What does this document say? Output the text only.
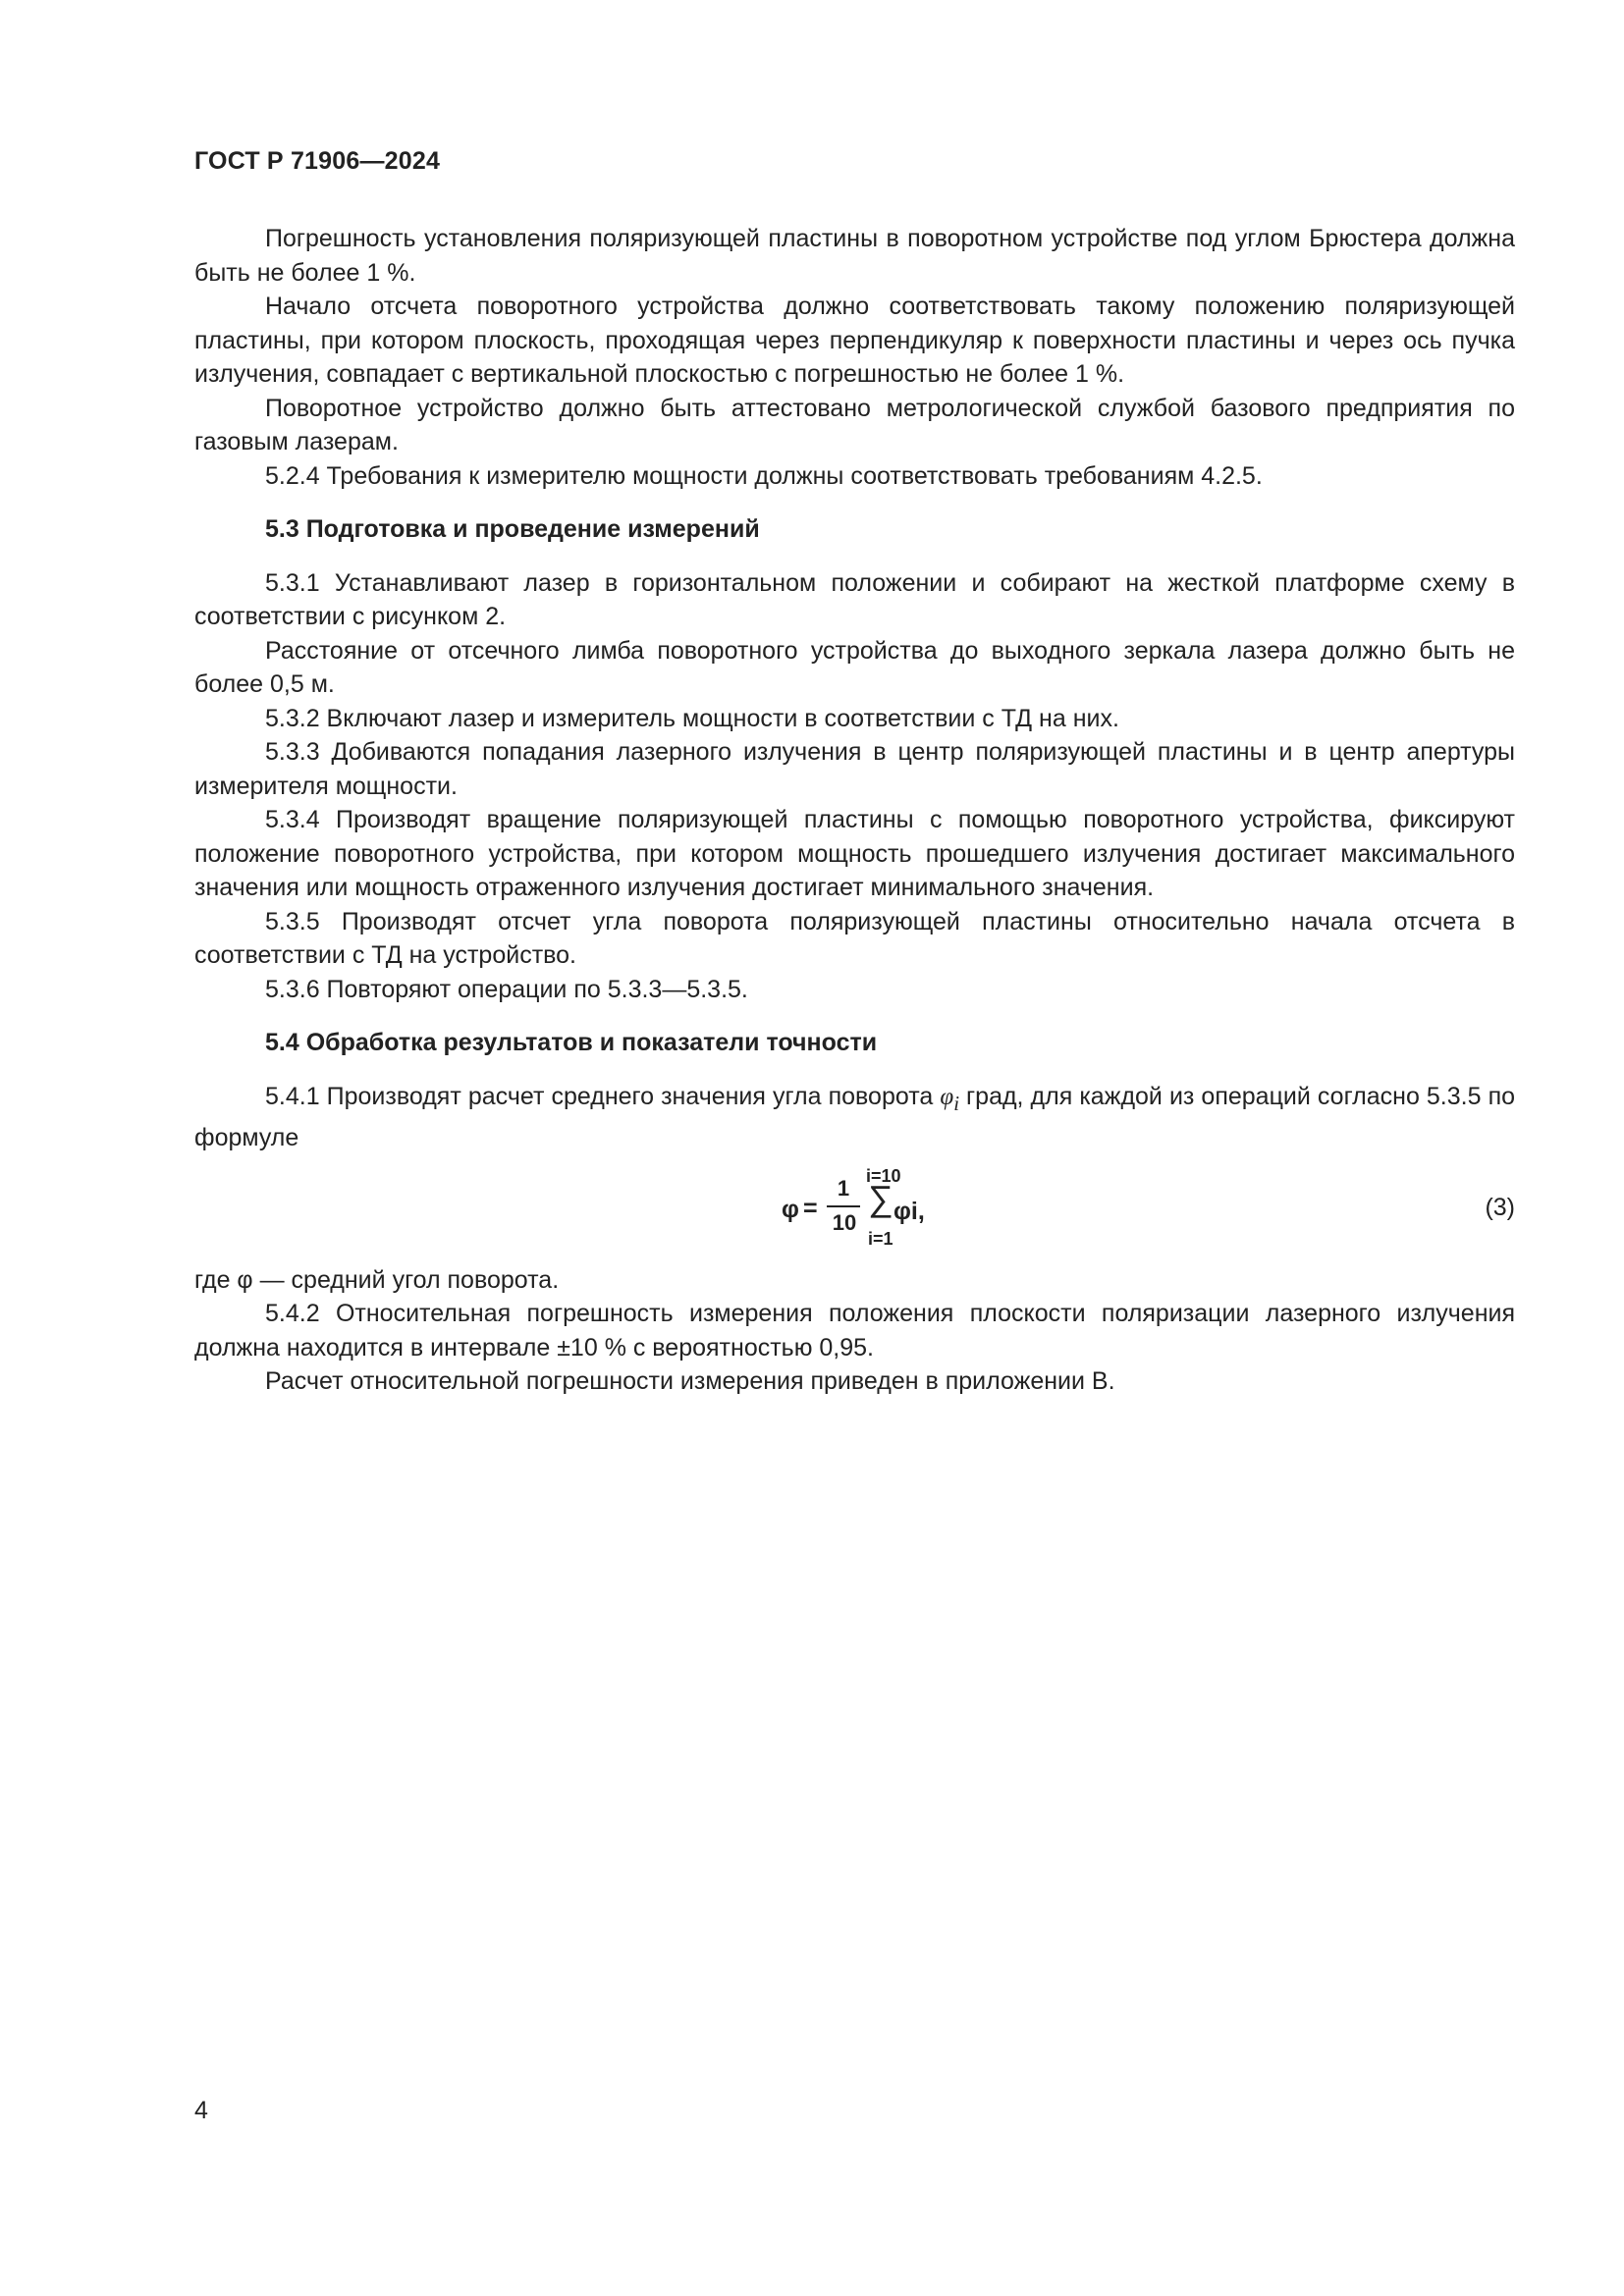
ГОСТ Р 71906—2024

Погрешность установления поляризующей пластины в поворотном устройстве под углом Брюстера должна быть не более 1 %.

Начало отсчета поворотного устройства должно соответствовать такому положению поляризующей пластины, при котором плоскость, проходящая через перпендикуляр к поверхности пластины и через ось пучка излучения, совпадает с вертикальной плоскостью с погрешностью не более 1 %.

Поворотное устройство должно быть аттестовано метрологической службой базового предприятия по газовым лазерам.

5.2.4 Требования к измерителю мощности должны соответствовать требованиям 4.2.5.

5.3 Подготовка и проведение измерений

5.3.1 Устанавливают лазер в горизонтальном положении и собирают на жесткой платформе схему в соответствии с рисунком 2.

Расстояние от отсечного лимба поворотного устройства до выходного зеркала лазера должно быть не более 0,5 м.

5.3.2 Включают лазер и измеритель мощности в соответствии с ТД на них.

5.3.3 Добиваются попадания лазерного излучения в центр поляризующей пластины и в центр апертуры измерителя мощности.

5.3.4 Производят вращение поляризующей пластины с помощью поворотного устройства, фиксируют положение поворотного устройства, при котором мощность прошедшего излучения достигает максимального значения или мощность отраженного излучения достигает минимального значения.

5.3.5 Производят отсчет угла поворота поляризующей пластины относительно начала отсчета в соответствии с ТД на устройство.

5.3.6 Повторяют операции по 5.3.3—5.3.5.

5.4 Обработка результатов и показатели точности

5.4.1 Производят расчет среднего значения угла поворота $\varphi_i$ град, для каждой из операций согласно 5.3.5 по формуле

φ =
1
10
i=10
∑
i=1
φi,	(3)

где φ — средний угол поворота.

5.4.2 Относительная погрешность измерения положения плоскости поляризации лазерного излучения должна находится в интервале ±10 % с вероятностью 0,95.

Расчет относительной погрешности измерения приведен в приложении В.

4
